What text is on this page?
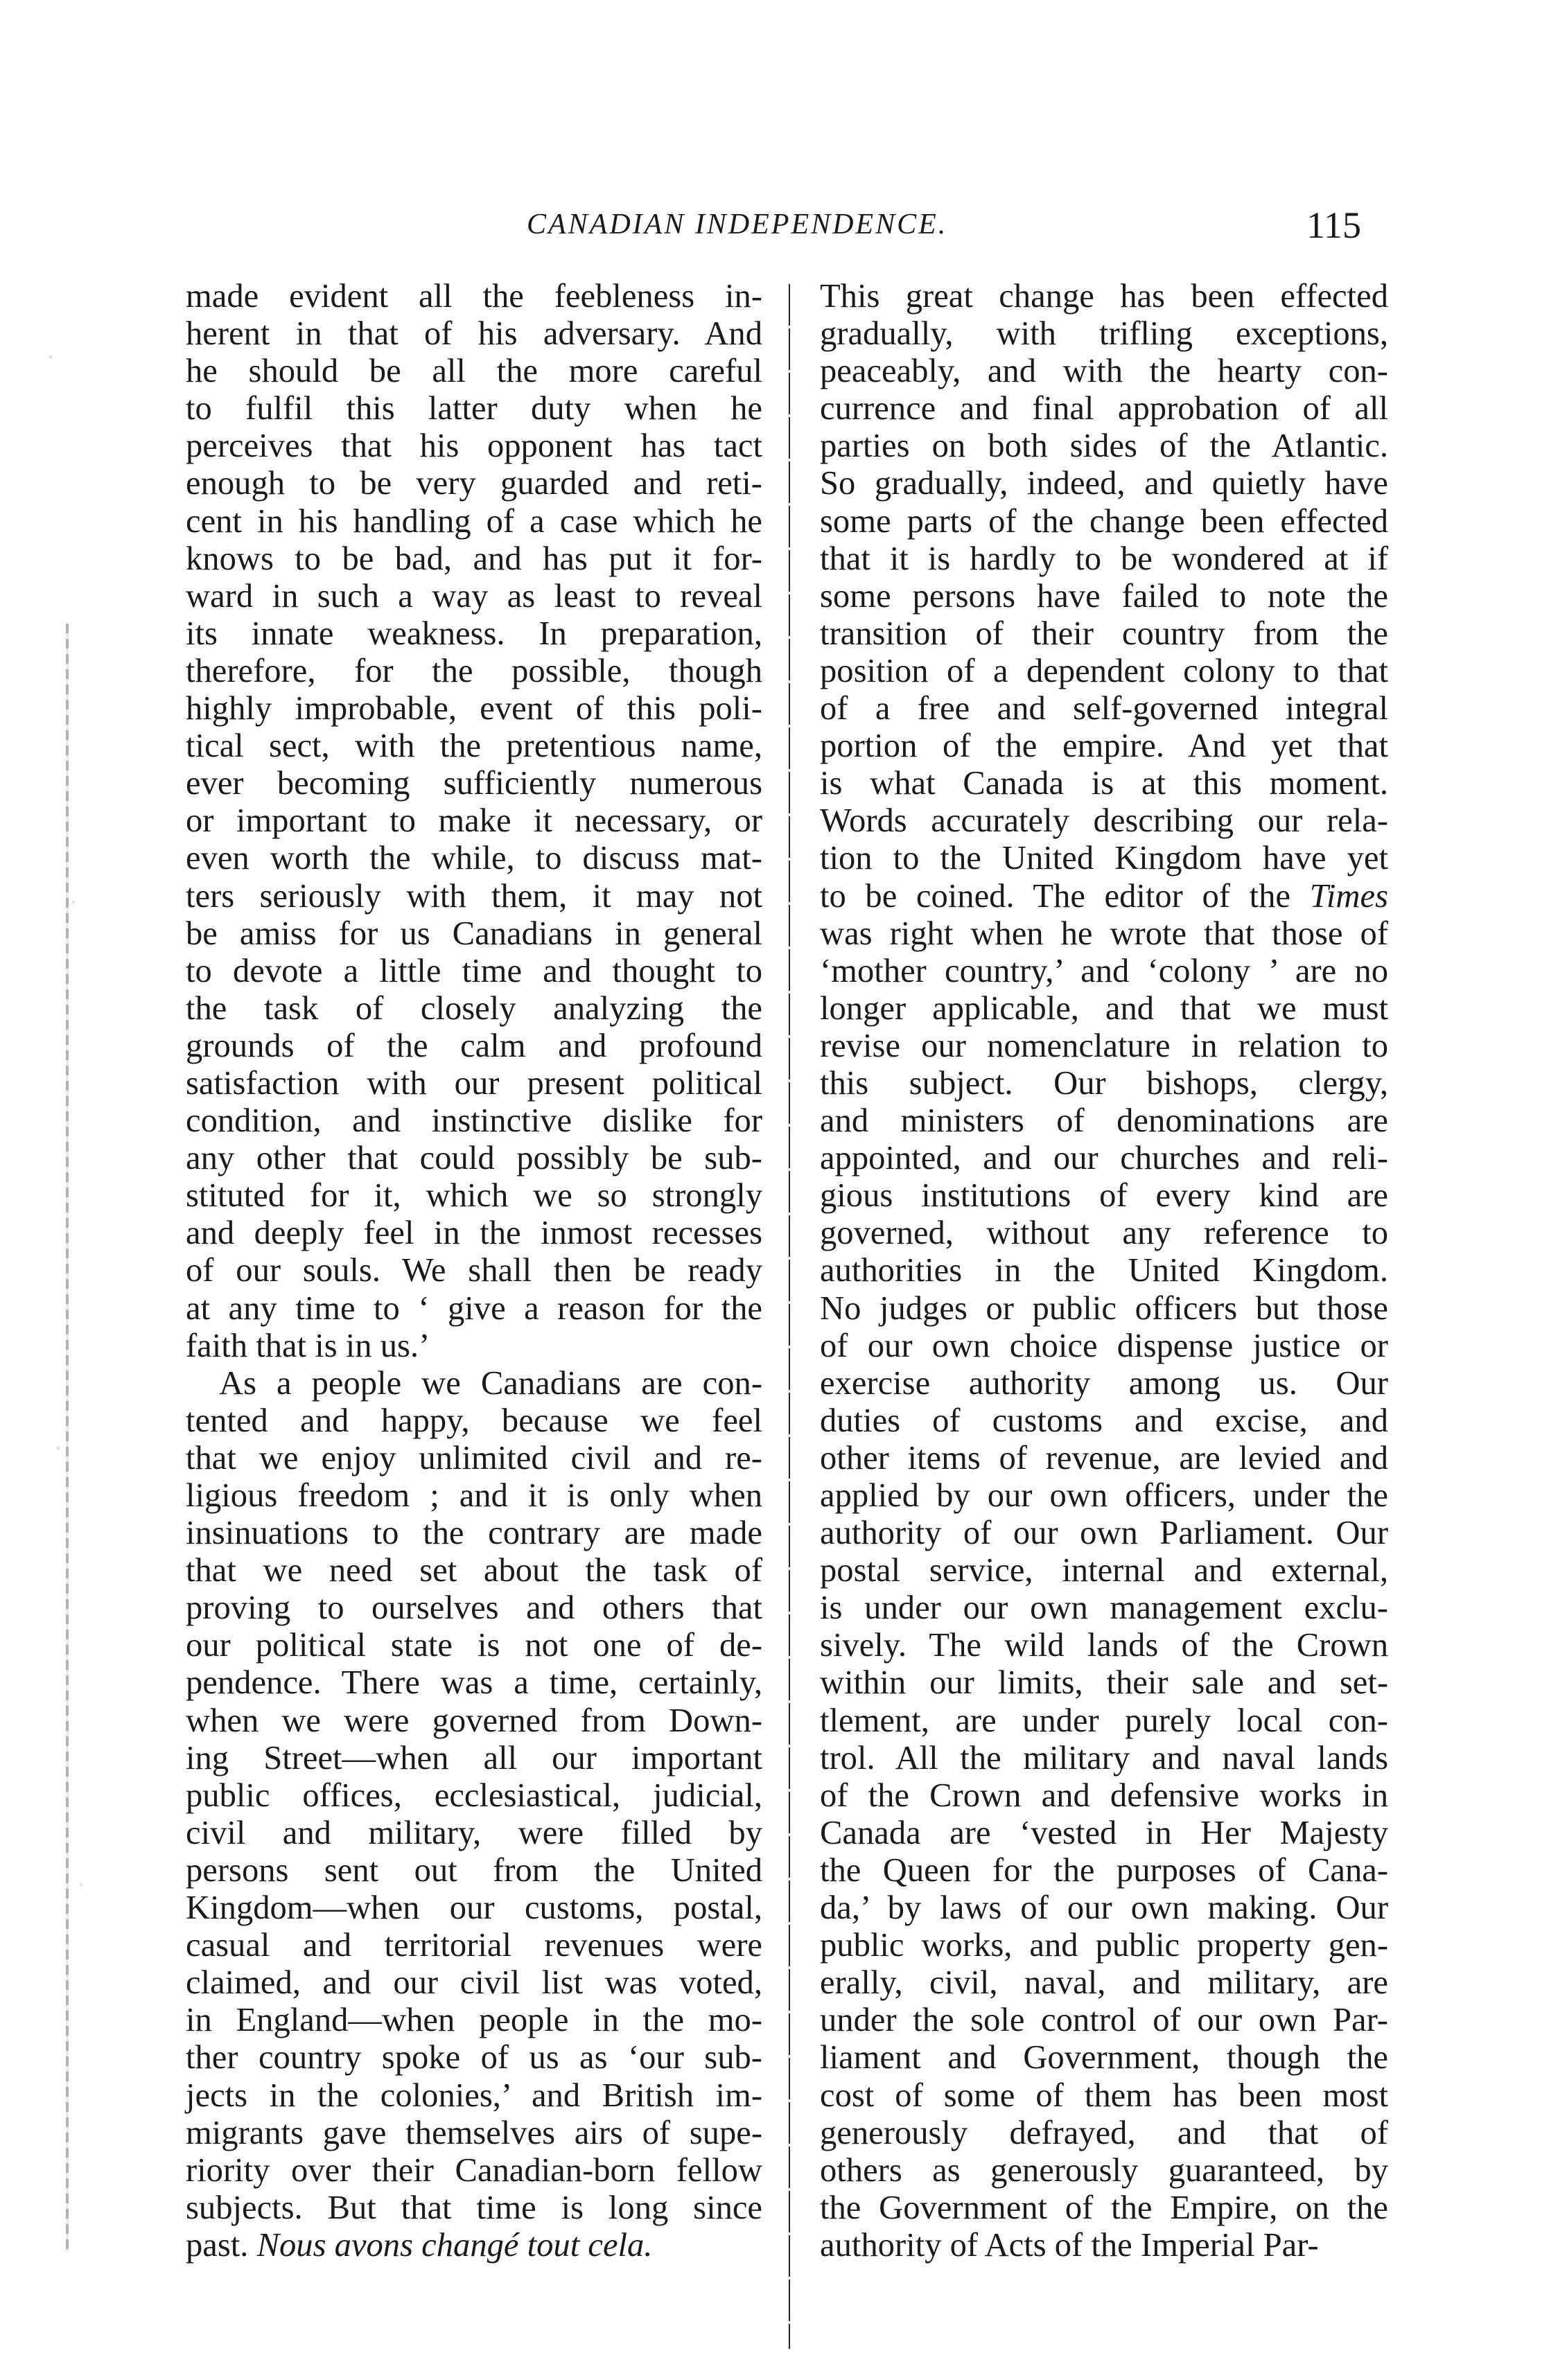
CANADIAN INDEPENDENCE.	115
made evident all the feebleness in-
herent in that of his adversary. And
he should be all the more careful
to fulfil this latter duty when he
perceives that his opponent has tact
enough to be very guarded and reti-
cent in his handling of a case which he
knows to be bad, and has put it for-
ward in such a way as least to reveal
its innate weakness. In preparation,
therefore, for the possible, though
highly improbable, event of this poli-
tical sect, with the pretentious name,
ever becoming sufficiently numerous
or important to make it necessary, or
even worth the while, to discuss mat-
ters seriously with them, it may not
be amiss for us Canadians in general
to devote a little time and thought to
the task of closely analyzing the
grounds of the calm and profound
satisfaction with our present political
condition, and instinctive dislike for
any other that could possibly be sub-
stituted for it, which we so strongly
and deeply feel in the inmost recesses
of our souls. We shall then be ready
at any time to ‘ give a reason for the
faith that is in us.’
As a people we Canadians are con-
tented and happy, because we feel
that we enjoy unlimited civil and re-
ligious freedom ; and it is only when
insinuations to the contrary are made
that we need set about the task of
proving to ourselves and others that
our political state is not one of de-
pendence. There was a time, certainly,
when we were governed from Down-
ing Street—when all our important
public offices, ecclesiastical, judicial,
civil and military, were filled by
persons sent out from the United
Kingdom—when our customs, postal,
casual and territorial revenues were
claimed, and our civil list was voted,
in England—when people in the mo-
ther country spoke of us as ‘our sub-
jects in the colonies,’ and British im-
migrants gave themselves airs of supe-
riority over their Canadian-born fellow
subjects. But that time is long since
past. Nous avons changé tout cela.
This great change has been effected
gradually, with trifling exceptions,
peaceably, and with the hearty con-
currence and final approbation of all
parties on both sides of the Atlantic.
So gradually, indeed, and quietly have
some parts of the change been effected
that it is hardly to be wondered at if
some persons have failed to note the
transition of their country from the
position of a dependent colony to that
of a free and self-governed integral
portion of the empire. And yet that
is what Canada is at this moment.
Words accurately describing our rela-
tion to the United Kingdom have yet
to be coined. The editor of the Times
was right when he wrote that those of
‘mother country,’ and ‘colony ’ are no
longer applicable, and that we must
revise our nomenclature in relation to
this subject. Our bishops, clergy,
and ministers of denominations are
appointed, and our churches and reli-
gious institutions of every kind are
governed, without any reference to
authorities in the United Kingdom.
No judges or public officers but those
of our own choice dispense justice or
exercise authority among us. Our
duties of customs and excise, and
other items of revenue, are levied and
applied by our own officers, under the
authority of our own Parliament. Our
postal service, internal and external,
is under our own management exclu-
sively. The wild lands of the Crown
within our limits, their sale and set-
tlement, are under purely local con-
trol. All the military and naval lands
of the Crown and defensive works in
Canada are ‘vested in Her Majesty
the Queen for the purposes of Cana-
da,’ by laws of our own making. Our
public works, and public property gen-
erally, civil, naval, and military, are
under the sole control of our own Par-
liament and Government, though the
cost of some of them has been most
generously defrayed, and that of
others as generously guaranteed, by
the Government of the Empire, on the
authority of Acts of the Imperial Par-
